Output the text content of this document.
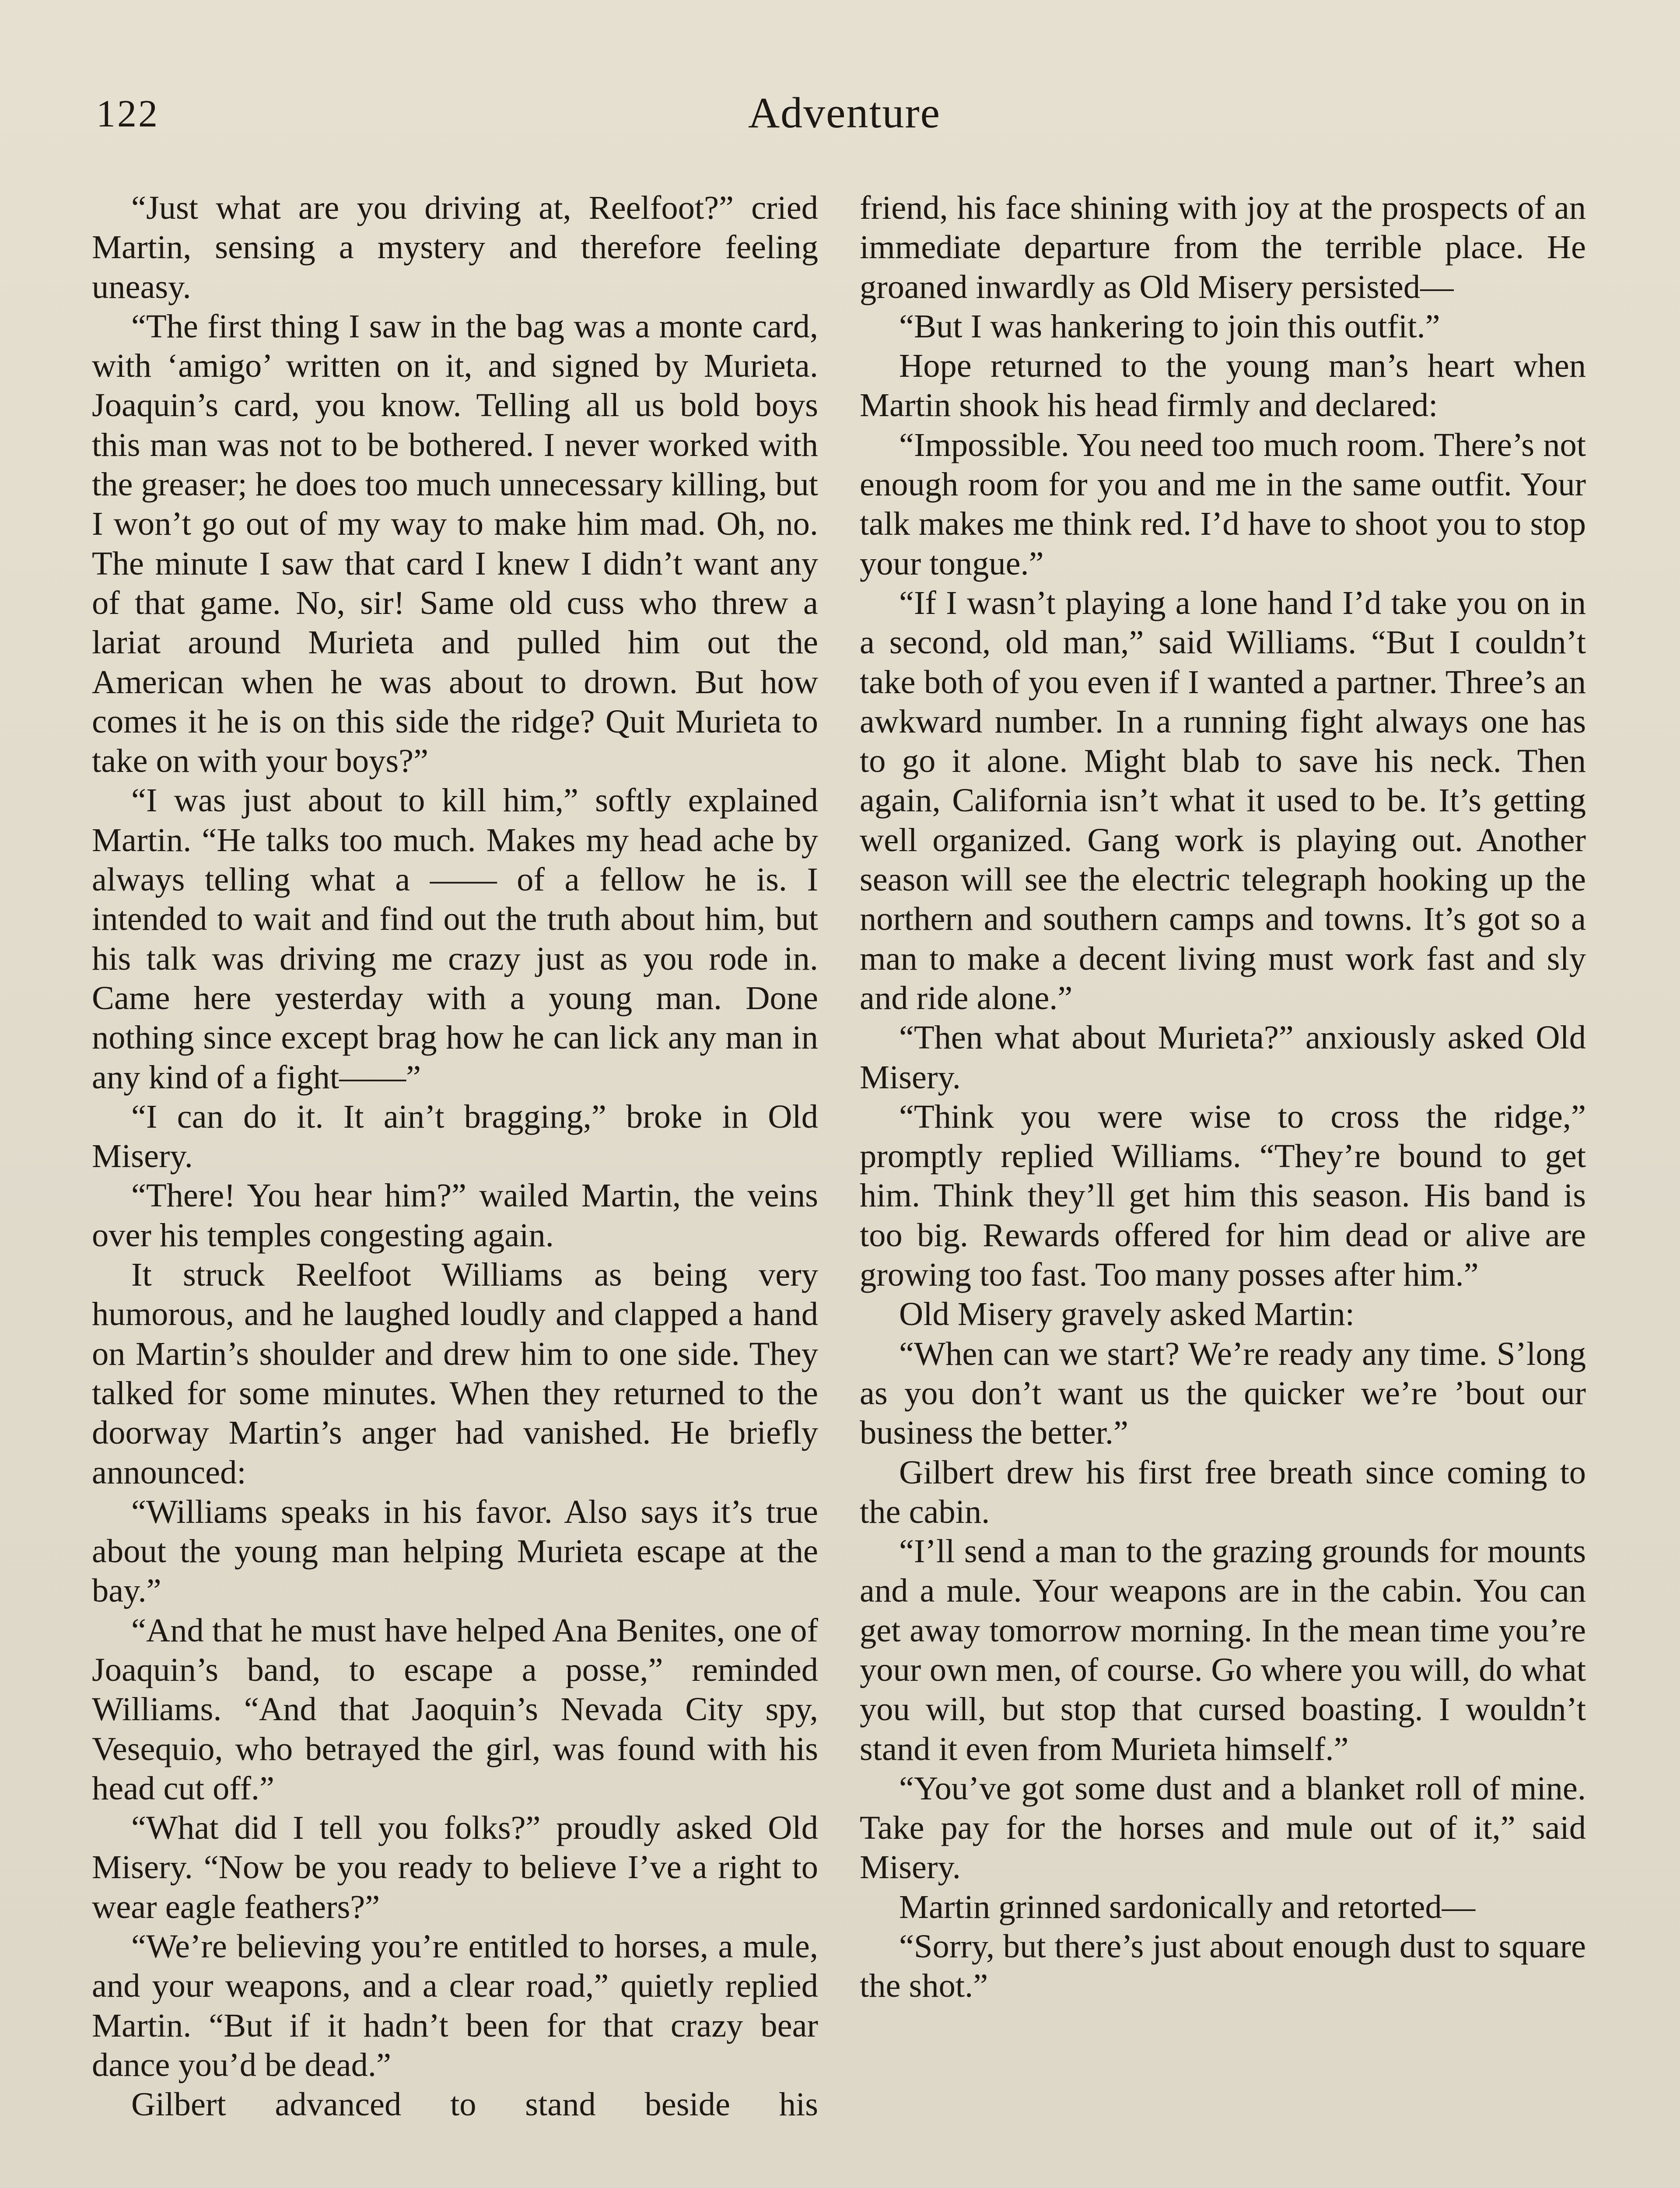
122	Adventure

“Just what are you driving at, Reelfoot?” cried Martin, sensing a mystery and therefore feeling uneasy.

“The first thing I saw in the bag was a monte card, with ‘amigo’ written on it, and signed by Murieta. Joaquin’s card, you know. Telling all us bold boys this man was not to be bothered. I never worked with the greaser; he does too much unnecessary killing, but I won’t go out of my way to make him mad. Oh, no. The minute I saw that card I knew I didn’t want any of that game. No, sir! Same old cuss who threw a lariat around Murieta and pulled him out the American when he was about to drown. But how comes it he is on this side the ridge? Quit Murieta to take on with your boys?”

“I was just about to kill him,” softly explained Martin. “He talks too much. Makes my head ache by always telling what a —— of a fellow he is. I intended to wait and find out the truth about him, but his talk was driving me crazy just as you rode in. Came here yesterday with a young man. Done nothing since except brag how he can lick any man in any kind of a fight——”

“I can do it. It ain’t bragging,” broke in Old Misery.

“There! You hear him?” wailed Martin, the veins over his temples congesting again.

It struck Reelfoot Williams as being very humorous, and he laughed loudly and clapped a hand on Martin’s shoulder and drew him to one side. They talked for some minutes. When they returned to the doorway Martin’s anger had vanished. He briefly announced:

“Williams speaks in his favor. Also says it’s true about the young man helping Murieta escape at the bay.”

“And that he must have helped Ana Benites, one of Joaquin’s band, to escape a posse,” reminded Williams. “And that Jaoquin’s Nevada City spy, Vesequio, who betrayed the girl, was found with his head cut off.”

“What did I tell you folks?” proudly asked Old Misery. “Now be you ready to believe I’ve a right to wear eagle feathers?”

“We’re believing you’re entitled to horses, a mule, and your weapons, and a clear road,” quietly replied Martin. “But if it hadn’t been for that crazy bear dance you’d be dead.”

Gilbert advanced to stand beside his

friend, his face shining with joy at the prospects of an immediate departure from the terrible place. He groaned inwardly as Old Misery persisted—

“But I was hankering to join this outfit.”

Hope returned to the young man’s heart when Martin shook his head firmly and declared:

“Impossible. You need too much room. There’s not enough room for you and me in the same outfit. Your talk makes me think red. I’d have to shoot you to stop your tongue.”

“If I wasn’t playing a lone hand I’d take you on in a second, old man,” said Williams. “But I couldn’t take both of you even if I wanted a partner. Three’s an awkward number. In a running fight always one has to go it alone. Might blab to save his neck. Then again, California isn’t what it used to be. It’s getting well organized. Gang work is playing out. Another season will see the electric telegraph hooking up the northern and southern camps and towns. It’s got so a man to make a decent living must work fast and sly and ride alone.”

“Then what about Murieta?” anxiously asked Old Misery.

“Think you were wise to cross the ridge,” promptly replied Williams. “They’re bound to get him. Think they’ll get him this season. His band is too big. Rewards offered for him dead or alive are growing too fast. Too many posses after him.”

Old Misery gravely asked Martin:

“When can we start? We’re ready any time. S’long as you don’t want us the quicker we’re ’bout our business the better.”

Gilbert drew his first free breath since coming to the cabin.

“I’ll send a man to the grazing grounds for mounts and a mule. Your weapons are in the cabin. You can get away tomorrow morning. In the mean time you’re your own men, of course. Go where you will, do what you will, but stop that cursed boasting. I wouldn’t stand it even from Murieta himself.”

“You’ve got some dust and a blanket roll of mine. Take pay for the horses and mule out of it,” said Misery.

Martin grinned sardonically and retorted—

“Sorry, but there’s just about enough dust to square the shot.”
